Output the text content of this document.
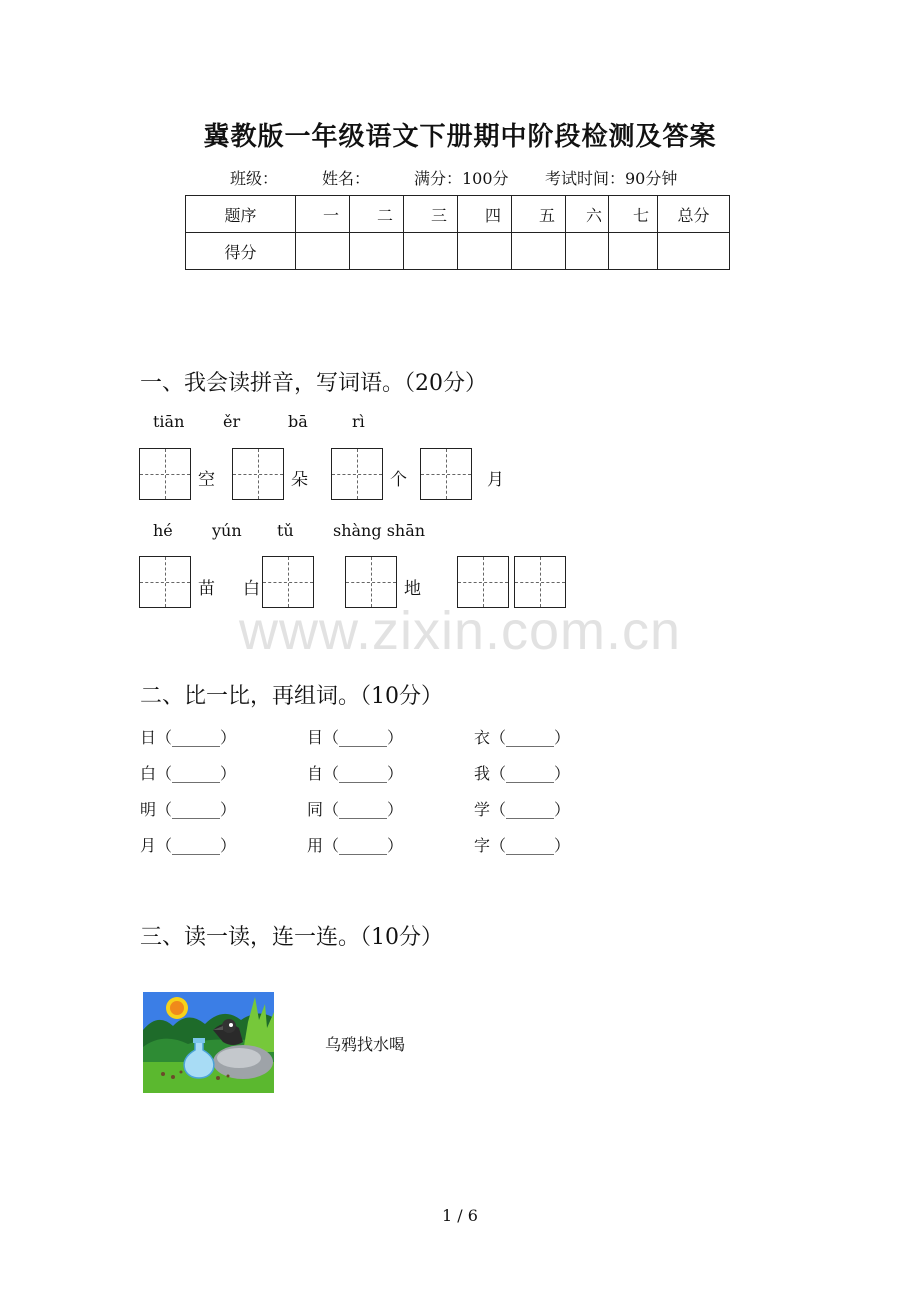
冀教版一年级语文下册期中阶段检测及答案
班级：	姓名：	满分：100分 考试时间：90分钟
题序	一	二	三	四	五	六	七	总分
得分								
一、我会读拼音，写词语。（20分）
tiān ěr	bā	rì
空	朵	个	月
hé yún tǔ shàng shān
苗 白	地
www.zixin.com.cn
二、比一比，再组词。（10分）
日（______）	目（______）	衣（______）
白（______）	自（______）	我（______）
明（______）	同（______）	学（______）
月（______）	用（______）	字（______）
三、读一读，连一连。（10分）
乌鸦找水喝
1 / 6
